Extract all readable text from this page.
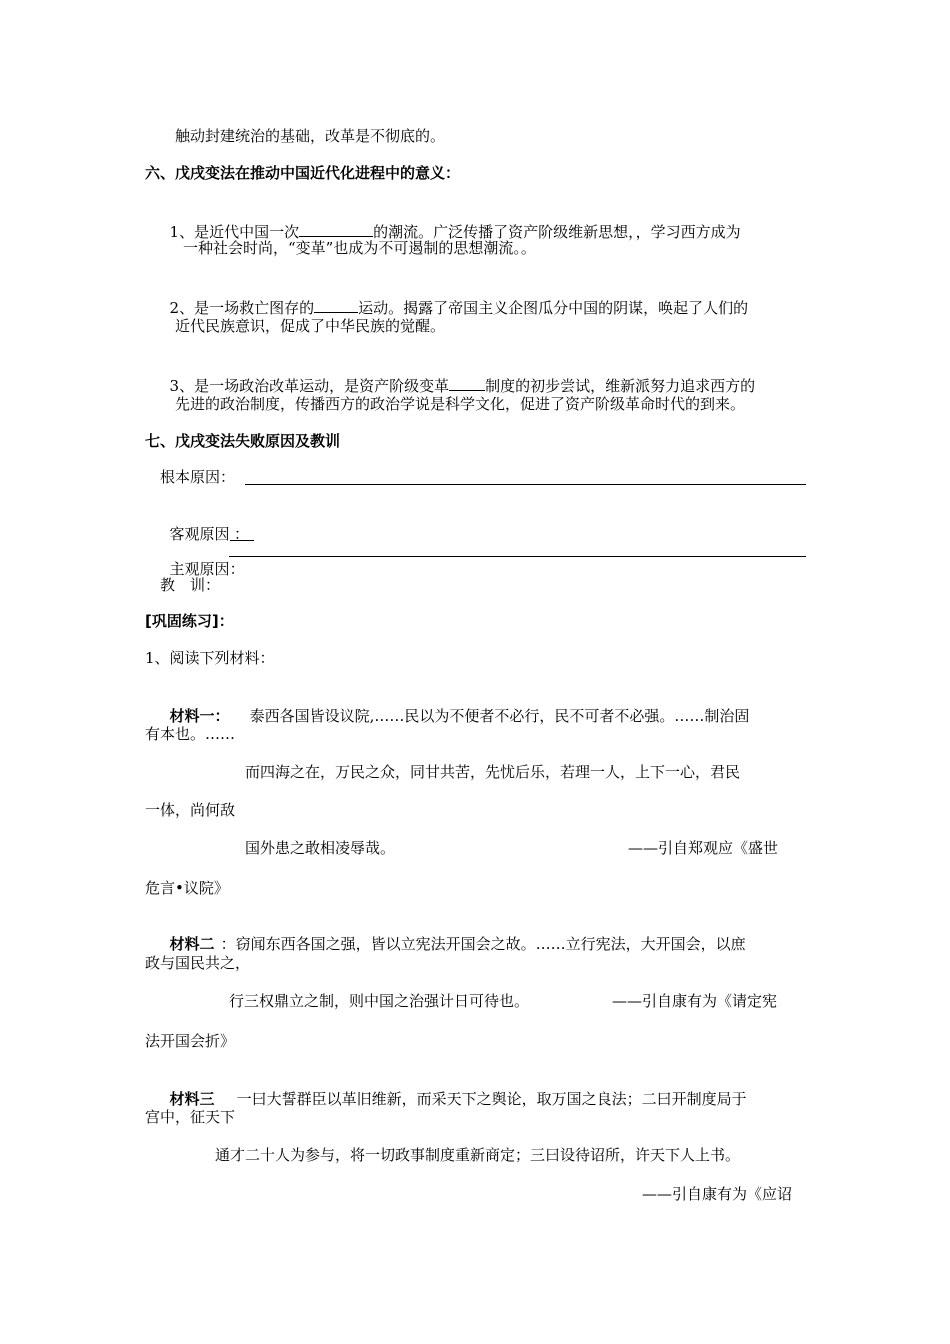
触动封建统治的基础，改革是不彻底的。
六、戊戌变法在推动中国近代化进程中的意义：

1、是近代中国一次	的潮流。广泛传播了资产阶级维新思想，，学习西方成为

一种社会时尚，“变革”也成为不可遏制的思想潮流。。

2、是一场救亡图存的	运动。揭露了帝国主义企图瓜分中国的阴谋，唤起了人们的

近代民族意识，促成了中华民族的觉醒。

3、是一场政治改革运动，是资产阶级变革 制度的初步尝试，维新派努力追求西方的

先进的政治制度，传播西方的政治学说是科学文化，促进了资产阶级革命时代的到来。
七、戊戌变法失败原因及教训
根本原因：

客观原因 ：

主观原因：

教　训：
[巩固练习]：
1、阅读下列材料：

材料一： 泰西各国皆设议院,……民以为不便者不必行，民不可者不必强。……制治固

有本也。……
而四海之在，万民之众，同甘共苦，先忧后乐，若理一人，上下一心，君民
一体，尚何敌
国外患之敢相凌辱哉。	——引自郑观应《盛世
危言•议院》

材料二 ：窃闻东西各国之强，皆以立宪法开国会之故。……立行宪法，大开国会，以庶

政与国民共之，
行三权鼎立之制，则中国之治强计日可待也。	——引自康有为《请定宪
法开国会折》

材料三 一曰大誓群臣以革旧维新，而采天下之舆论，取万国之良法；二曰开制度局于

宫中，征天下
通才二十人为参与，将一切政事制度重新商定；三曰设待诏所，许天下人上书。
——引自康有为《应诏
